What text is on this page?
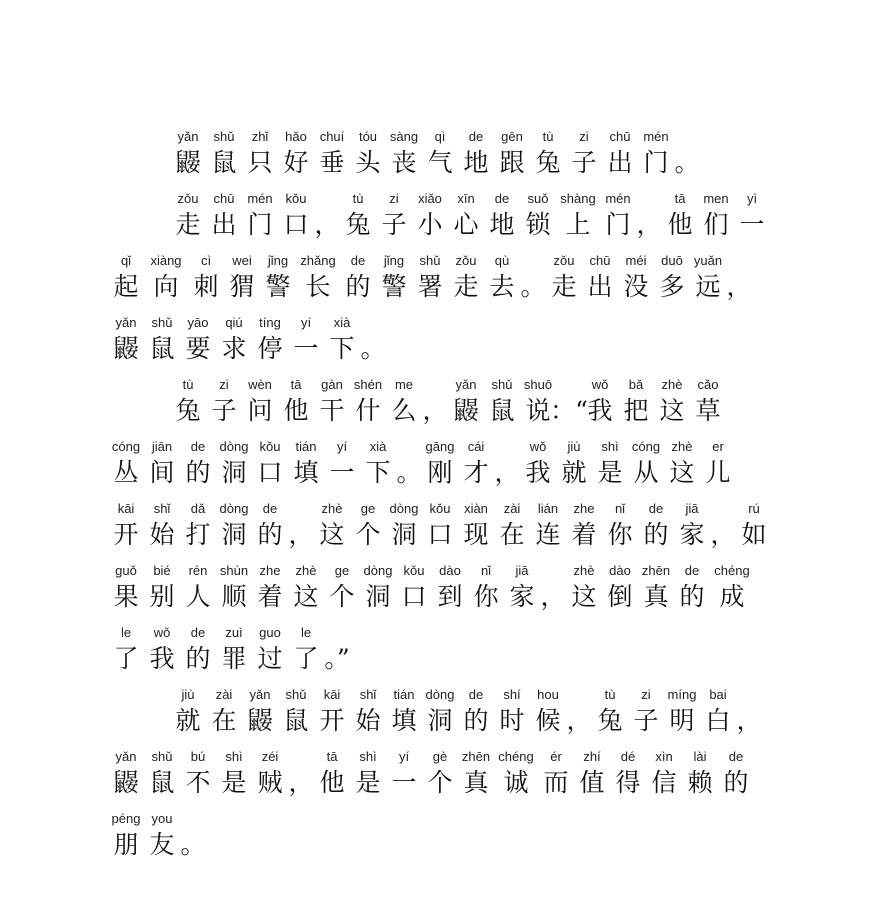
yǎn
鼹
shǔ
鼠
zhǐ
只
hǎo
好
chuí
垂
tóu
头
sàng
丧
qì
气
de
地
gēn
跟
tù
兔
zi
子
chū
出
mén
门 。
zǒu
走
chū
出
mén
门
kǒu
口 ，
tù
兔
zi
子
xiǎo
小
xīn
心
de
地
suǒ
锁
shàng
上
mén
门 ，
tā
他
men
们
yì
一
qǐ
起
xiàng
向
cì
刺
wei
猬
jǐng
警
zhǎng
长
de
的
jǐng
警
shǔ
署
zǒu
走
qù
去 。
zǒu
走
chū
出
méi
没
duō
多
yuǎn
远 ，
yǎn
鼹
shǔ
鼠
yāo
要
qiú
求
tíng
停
yí
一
xià
下 。
tù
兔
zi
子
wèn
问
tā
他
gàn
干
shén
什
me
么 ，
yǎn
鼹
shǔ
鼠
shuō
说 ：“
wǒ
我
bǎ
把
zhè
这
cǎo
草
cóng
丛
jiān
间
de
的
dòng
洞
kǒu
口
tián
填
yí
一
xià
下 。
gāng
刚
cái
才 ，
wǒ
我
jiù
就
shì
是
cóng
从
zhè
这
er
儿
kāi
开
shǐ
始
dǎ
打
dòng
洞
de
的 ，
zhè
这
ge
个
dòng
洞
kǒu
口
xiàn
现
zài
在
lián
连
zhe
着
nǐ
你
de
的
jiā
家 ，
rú
如
guǒ
果
bié
别
rén
人
shùn
顺
zhe
着
zhè
这
ge
个
dòng
洞
kǒu
口
dào
到
nǐ
你
jiā
家 ，
zhè
这
dào
倒
zhēn
真
de
的
chéng
成
le
了
wǒ
我
de
的
zuì
罪
guo
过
le
了 。”
jiù
就
zài
在
yǎn
鼹
shǔ
鼠
kāi
开
shǐ
始
tián
填
dòng
洞
de
的
shí
时
hou
候 ，
tù
兔
zi
子
míng
明
bai
白 ，
yǎn
鼹
shǔ
鼠
bú
不
shì
是
zéi
贼 ，
tā
他
shì
是
yí
一
gè
个
zhēn
真
chéng
诚
ér
而
zhí
值
dé
得
xìn
信
lài
赖
de
的
péng
朋
you
友 。
